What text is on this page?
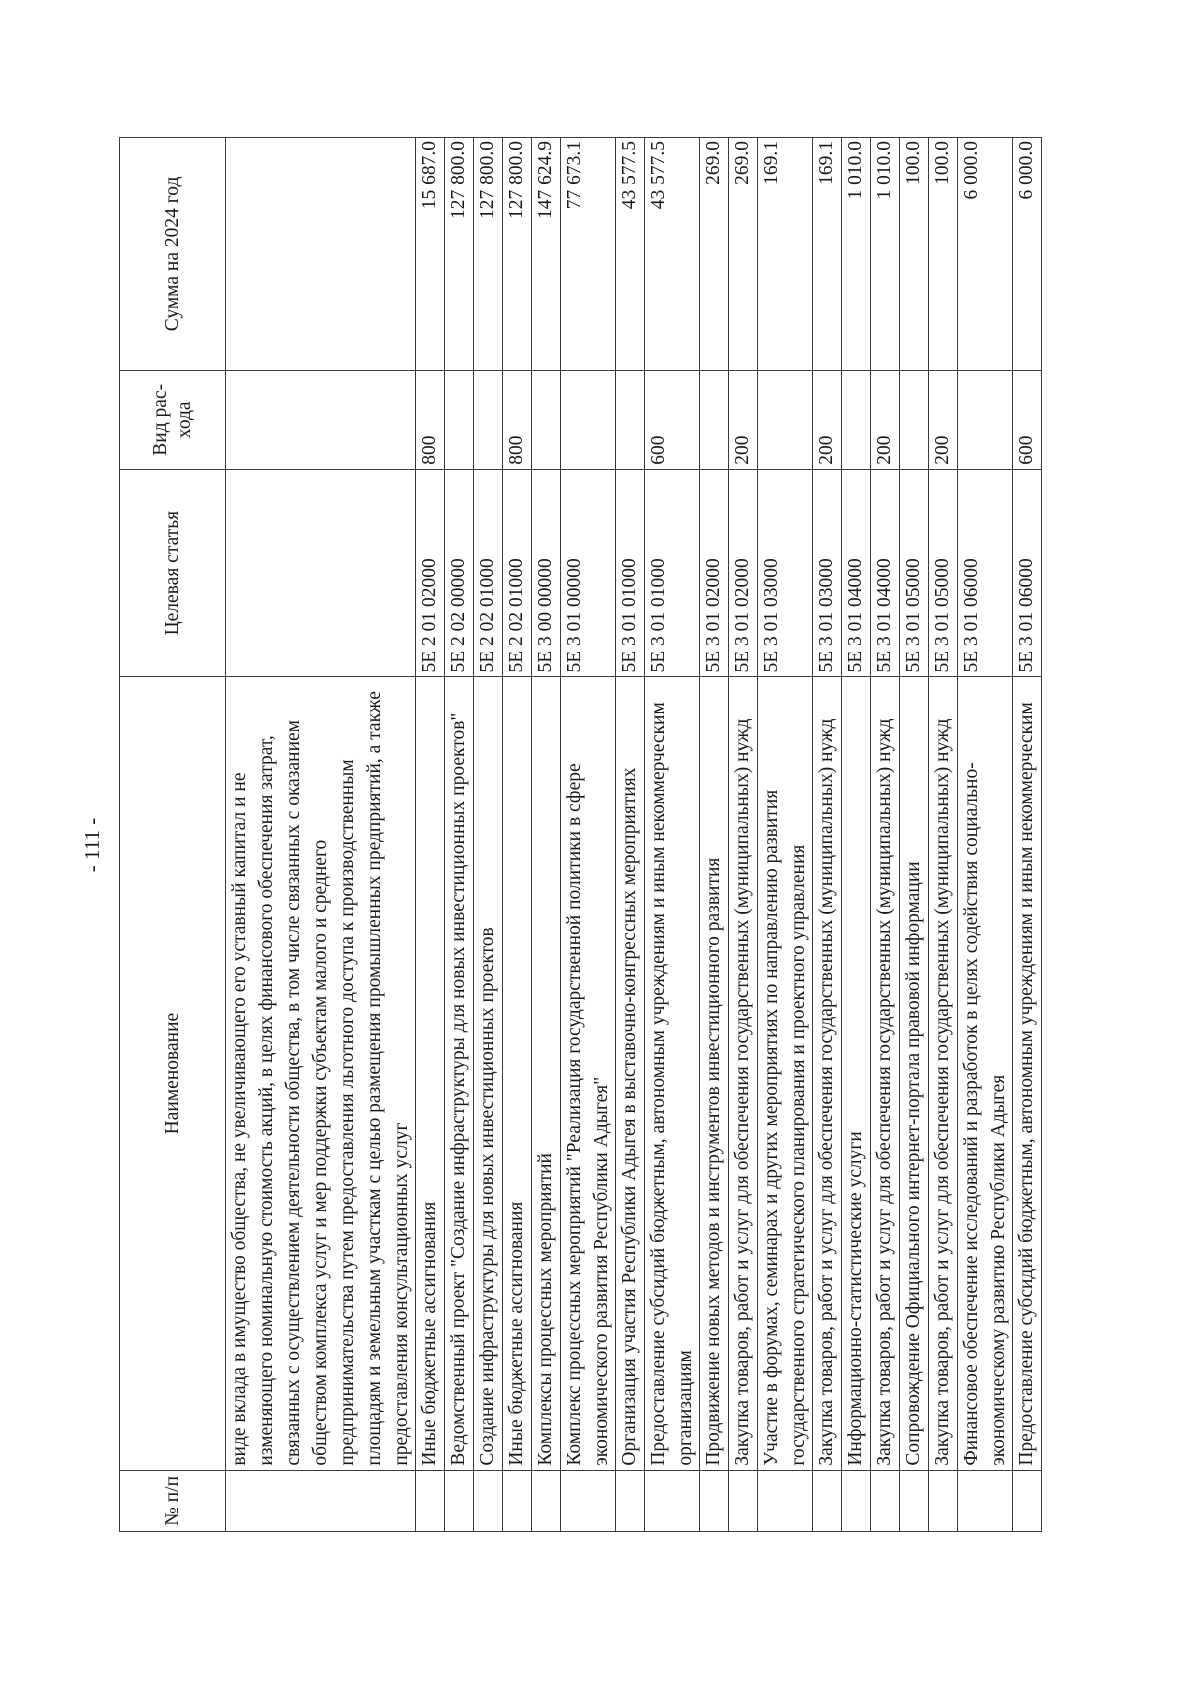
- 111 -
№ п/п	Наименование	Целевая статья	Вид рас- хода	Сумма на 2024 год
	виде вклада в имущество общества, не увеличивающего его уставный капитал и не изменяющего номинальную стоимость акций, в целях финансового обеспечения затрат, связанных с осуществлением деятельности общества, в том числе связанных с оказанием обществом комплекса услуг и мер поддержки субъектам малого и среднего предпринимательства путем предоставления льготного доступа к производственным площадям и земельным участкам с целью размещения промышленных предприятий, а также предоставления консультационных услуг			
	Иные бюджетные ассигнования	5Е 2 01 02000	800	15 687.0
	Ведомственный проект "Создание инфраструктуры для новых инвестиционных проектов"	5Е 2 02 00000		127 800.0
	Создание инфраструктуры для новых инвестиционных проектов	5Е 2 02 01000		127 800.0
	Иные бюджетные ассигнования	5Е 2 02 01000	800	127 800.0
	Комплексы процессных мероприятий	5Е 3 00 00000		147 624.9
	Комплекс процессных мероприятий "Реализация государственной политики в сфере экономического развития Республики Адыгея"	5Е 3 01 00000		77 673.1
	Организация участия Республики Адыгея в выставочно-конгрессных мероприятиях	5Е 3 01 01000		43 577.5
	Предоставление субсидий бюджетным, автономным учреждениям и иным некоммерческим организациям	5Е 3 01 01000	600	43 577.5
	Продвижение новых методов и инструментов инвестиционного развития	5Е 3 01 02000		269.0
	Закупка товаров, работ и услуг для обеспечения государственных (муниципальных) нужд	5Е 3 01 02000	200	269.0
	Участие в форумах, семинарах и других мероприятиях по направлению развития государственного стратегического планирования и проектного управления	5Е 3 01 03000		169.1
	Закупка товаров, работ и услуг для обеспечения государственных (муниципальных) нужд	5Е 3 01 03000	200	169.1
	Информационно-статистические услуги	5Е 3 01 04000		1 010.0
	Закупка товаров, работ и услуг для обеспечения государственных (муниципальных) нужд	5Е 3 01 04000	200	1 010.0
	Сопровождение Официального интернет-портала правовой информации	5Е 3 01 05000		100.0
	Закупка товаров, работ и услуг для обеспечения государственных (муниципальных) нужд	5Е 3 01 05000	200	100.0
	Финансовое обеспечение исследований и разработок в целях содействия социально-экономическому развитию Республики Адыгея	5Е 3 01 06000		6 000.0
	Предоставление субсидий бюджетным, автономным учреждениям и иным некоммерческим	5Е 3 01 06000	600	6 000.0
